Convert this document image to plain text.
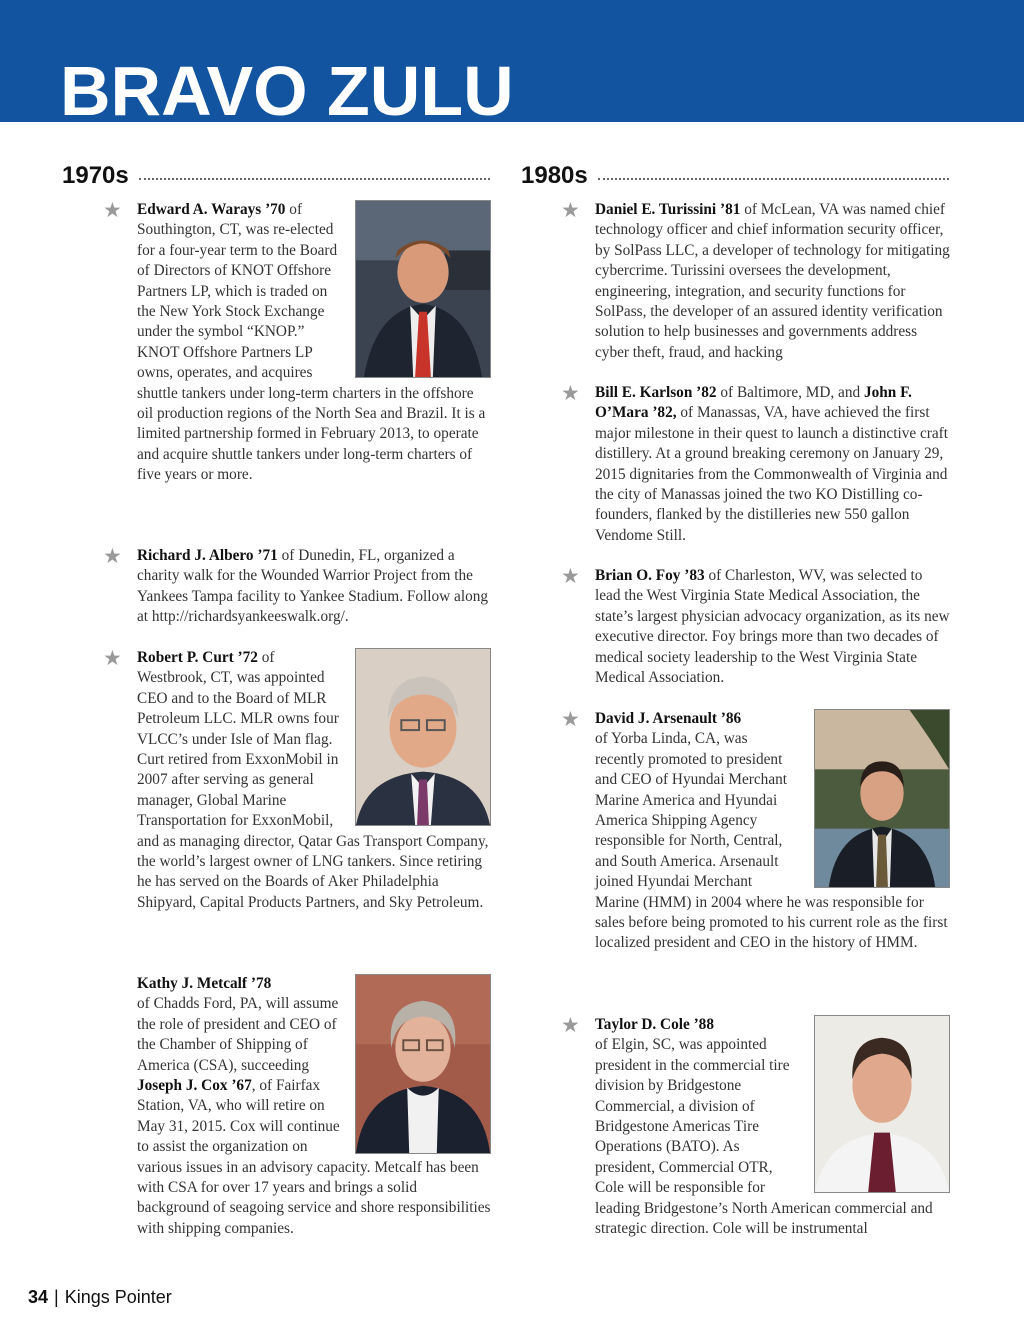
BRAVO ZULU
1970s	1980s
★ Edward A. Warays ’70 of Southington, CT, was re-elected for a four-year term to the Board of Directors of KNOT Offshore Partners LP, which is traded on the New York Stock Exchange under the symbol “KNOP.” KNOT Offshore Partners LP owns, operates, and acquires shuttle tankers under long-term charters in the offshore oil production regions of the North Sea and Brazil. It is a limited partnership formed in February 2013, to operate and acquire shuttle tankers under long-term charters of five years or more.

★ Richard J. Albero ’71 of Dunedin, FL, organized a charity walk for the Wounded Warrior Project from the Yankees Tampa facility to Yankee Stadium. Follow along at http://richardsyankeeswalk.org/.

★ Robert P. Curt ’72 of Westbrook, CT, was appointed CEO and to the Board of MLR Petroleum LLC. MLR owns four VLCC’s under Isle of Man flag. Curt retired from ExxonMobil in 2007 after serving as general manager, Global Marine Transportation for ExxonMobil, and as managing director, Qatar Gas Transport Company, the world’s largest owner of LNG tankers. Since retiring he has served on the Boards of Aker Philadelphia Shipyard, Capital Products Partners, and Sky Petroleum.

Kathy J. Metcalf ’78
of Chadds Ford, PA, will assume the role of president and CEO of the Chamber of Shipping of America (CSA), succeeding Joseph J. Cox ’67, of Fairfax Station, VA, who will retire on May 31, 2015. Cox will continue to assist the organization on various issues in an advisory capacity. Metcalf has been with CSA for over 17 years and brings a solid background of seagoing service and shore responsibilities with shipping companies.

★ Daniel E. Turissini ’81 of McLean, VA was named chief technology officer and chief information security officer, by SolPass LLC, a developer of technology for mitigating cybercrime. Turissini oversees the development, engineering, integration, and security functions for SolPass, the developer of an assured identity verification solution to help businesses and governments address cyber theft, fraud, and hacking

★ Bill E. Karlson ’82 of Baltimore, MD, and John F. O’Mara ’82, of Manassas, VA, have achieved the first major milestone in their quest to launch a distinctive craft distillery. At a ground breaking ceremony on January 29, 2015 dignitaries from the Commonwealth of Virginia and the city of Manassas joined the two KO Distilling co-founders, flanked by the distilleries new 550 gallon Vendome Still.

★ Brian O. Foy ’83 of Charleston, WV, was selected to lead the West Virginia State Medical Association, the state’s largest physician advocacy organization, as its new executive director. Foy brings more than two decades of medical society leadership to the West Virginia State Medical Association.

★ David J. Arsenault ’86
of Yorba Linda, CA, was recently promoted to president and CEO of Hyundai Merchant Marine America and Hyundai America Shipping Agency responsible for North, Central, and South America. Arsenault joined Hyundai Merchant Marine (HMM) in 2004 where he was responsible for sales before being promoted to his current role as the first localized president and CEO in the history of HMM.

★ Taylor D. Cole ’88
of Elgin, SC, was appointed president in the commercial tire division by Bridgestone Commercial, a division of Bridgestone Americas Tire Operations (BATO). As president, Commercial OTR, Cole will be responsible for leading Bridgestone’s North American commercial and strategic direction. Cole will be instrumental

34 | Kings Pointer
